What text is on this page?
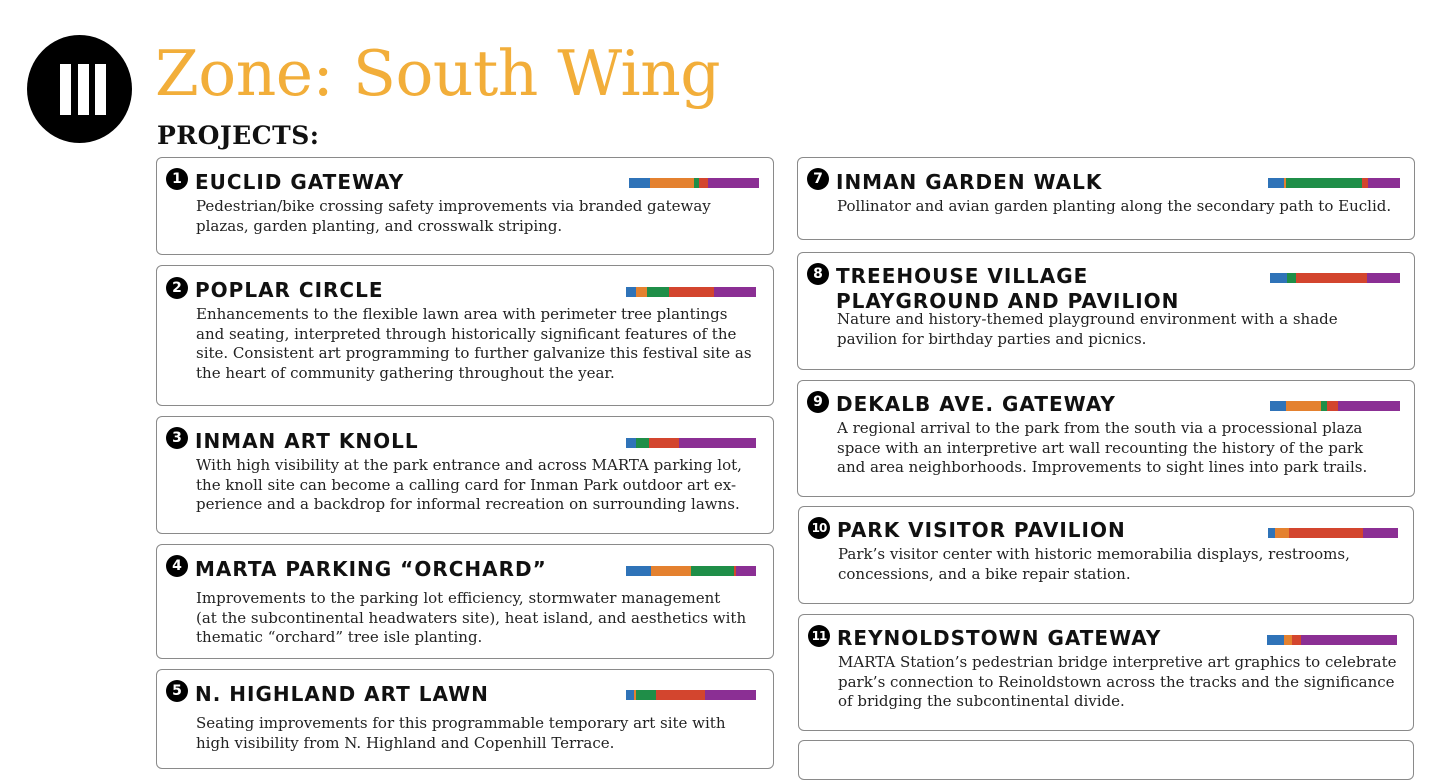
Zone: South Wing
PROJECTS:
1 EUCLID GATEWAY
Pedestrian/bike crossing safety improvements via branded gateway
plazas, garden planting, and crosswalk striping.
2 POPLAR CIRCLE
Enhancements to the flexible lawn area with perimeter tree plantings
and seating, interpreted through historically significant features of the
site. Consistent art programming to further galvanize this festival site as
the heart of community gathering throughout the year.
3 INMAN ART KNOLL
With high visibility at the park entrance and across MARTA parking lot,
the knoll site can become a calling card for Inman Park outdoor art ex-
perience and a backdrop for informal recreation on surrounding lawns.
4 MARTA PARKING “ORCHARD”
Improvements to the parking lot efficiency, stormwater management
(at the subcontinental headwaters site), heat island, and aesthetics with
thematic “orchard” tree isle planting.
5 N. HIGHLAND ART LAWN
Seating improvements for this programmable temporary art site with
high visibility from N. Highland and Copenhill Terrace.
7 INMAN GARDEN WALK
Pollinator and avian garden planting along the secondary path to Euclid.
8 TREEHOUSE VILLAGE
PLAYGROUND AND PAVILION
Nature and history-themed playground environment with a shade
pavilion for birthday parties and picnics.
9 DEKALB AVE. GATEWAY
A regional arrival to the park from the south via a processional plaza
space with an interpretive art wall recounting the history of the park
and area neighborhoods. Improvements to sight lines into park trails.
10 PARK VISITOR PAVILION
Park’s visitor center with historic memorabilia displays, restrooms,
concessions, and a bike repair station.
11 REYNOLDSTOWN GATEWAY
MARTA Station’s pedestrian bridge interpretive art graphics to celebrate
park’s connection to Reinoldstown across the tracks and the significance
of bridging the subcontinental divide.
